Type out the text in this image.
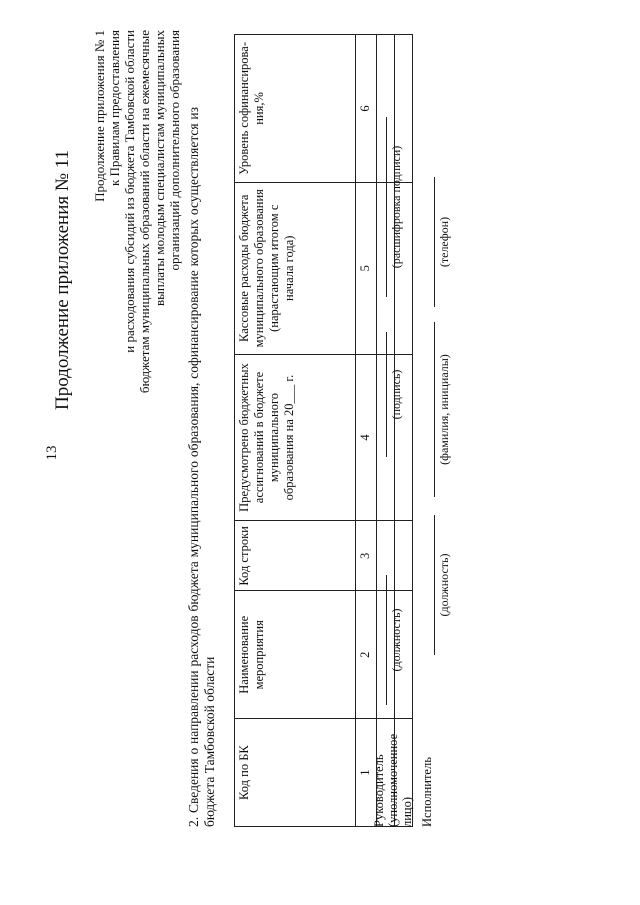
13
Продолжение приложения № 11
Продолжение приложения № 1 к Правилам предоставления и расходования субсидий из бюджета Тамбовской области бюджетам муниципальных образований области на ежемесячные выплаты молодым специалистам муниципальных организаций дополнительного образования 2. Сведения о направлении расходов бюджета муниципального образования, софинансирование которых осуществляется из бюджета Тамбовской области Код по БК	Наименование мероприятия	Код строки	Предусмотрено бюджетных ассигнований в бюджете муниципального образования на 20___ г.	Кассовые расходы бюджета муниципального образования (нарастающим итогом с начала года)	Уровень софинансирова-ния,%
1	2	3	4	5	6

Руководитель (уполномоченное лицо)
(должность)
(подпись)
(расшифровка подписи)
Исполнитель
(должность)
(фамилия, инициалы)
(телефон)
